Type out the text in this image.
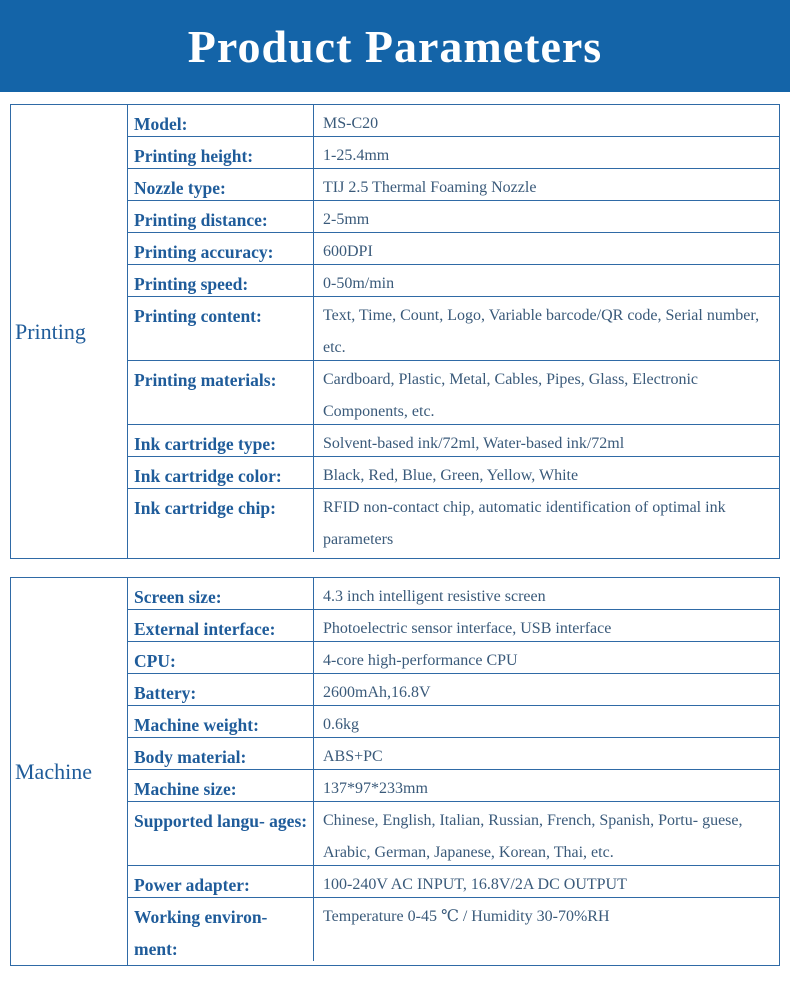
Product Parameters
Printing
Model:	MS-C20
Printing height:	1-25.4mm
Nozzle type:	TIJ 2.5 Thermal Foaming Nozzle
Printing distance:	2-5mm
Printing accuracy:	600DPI
Printing speed:	0-50m/min
Printing content:	Text, Time, Count, Logo, Variable barcode/QR code, Serial number, etc.
Printing materials:	Cardboard, Plastic, Metal, Cables, Pipes, Glass, Electronic Components, etc.
Ink cartridge type:	Solvent-based ink/72ml, Water-based ink/72ml
Ink cartridge color:	Black, Red, Blue, Green, Yellow, White
Ink cartridge chip:	RFID non-contact chip, automatic identification of optimal ink parameters
Machine
Screen size:	4.3 inch intelligent resistive screen
External interface:	Photoelectric sensor interface, USB interface
CPU:	4-core high-performance CPU
Battery:	2600mAh,16.8V
Machine weight:	0.6kg
Body material:	ABS+PC
Machine size:	137*97*233mm
Supported langu- ages: Chinese, English, Italian, Russian, French, Spanish, Portu- guese, Arabic, German, Japanese, Korean, Thai, etc.
Power adapter:	100-240V AC INPUT, 16.8V/2A DC OUTPUT
Working environ- ment:
Temperature 0-45 ℃ / Humidity 30-70%RH
